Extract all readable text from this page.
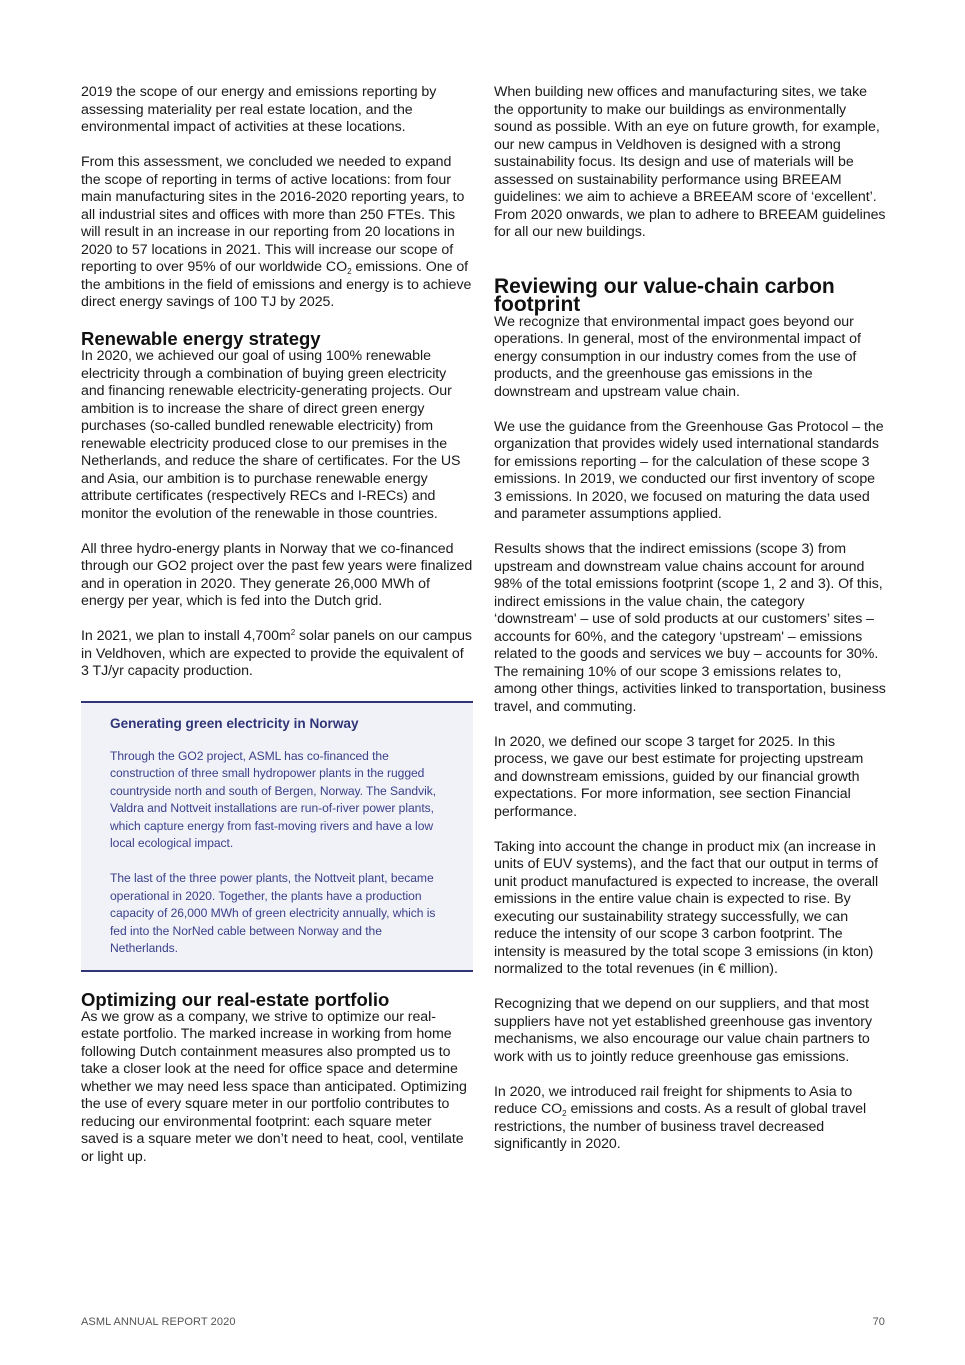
2019 the scope of our energy and emissions reporting by assessing materiality per real estate location, and the environmental impact of activities at these locations.

From this assessment, we concluded we needed to expand the scope of reporting in terms of active locations: from four main manufacturing sites in the 2016-2020 reporting years, to all industrial sites and offices with more than 250 FTEs. This will result in an increase in our reporting from 20 locations in 2020 to 57 locations in 2021. This will increase our scope of reporting to over 95% of our worldwide $CO_2$ emissions. One of the ambitions in the field of emissions and energy is to achieve direct energy savings of 100 TJ by 2025.

Renewable energy strategy

In 2020, we achieved our goal of using 100% renewable electricity through a combination of buying green electricity and financing renewable electricity-generating projects. Our ambition is to increase the share of direct green energy purchases (so-called bundled renewable electricity) from renewable electricity produced close to our premises in the Netherlands, and reduce the share of certificates. For the US and Asia, our ambition is to purchase renewable energy attribute certificates (respectively RECs and I-RECs) and monitor the evolution of the renewable in those countries.

All three hydro-energy plants in Norway that we co-financed through our GO2 project over the past few years were finalized and in operation in 2020. They generate 26,000 MWh of energy per year, which is fed into the Dutch grid.

In 2021, we plan to install $4,700m^2$ solar panels on our campus in Veldhoven, which are expected to provide the equivalent of 3 TJ/yr capacity production.

Generating green electricity in Norway

Through the GO2 project, ASML has co-financed the construction of three small hydropower plants in the rugged countryside north and south of Bergen, Norway. The Sandvik, Valdra and Nottveit installations are run-of-river power plants, which capture energy from fast-moving rivers and have a low local ecological impact.

The last of the three power plants, the Nottveit plant, became operational in 2020. Together, the plants have a production capacity of 26,000 MWh of green electricity annually, which is fed into the NorNed cable between Norway and the Netherlands.

Optimizing our real-estate portfolio

As we grow as a company, we strive to optimize our real-estate portfolio. The marked increase in working from home following Dutch containment measures also prompted us to take a closer look at the need for office space and determine whether we may need less space than anticipated. Optimizing the use of every square meter in our portfolio contributes to reducing our environmental footprint: each square meter saved is a square meter we don’t need to heat, cool, ventilate or light up.

When building new offices and manufacturing sites, we take the opportunity to make our buildings as environmentally sound as possible. With an eye on future growth, for example, our new campus in Veldhoven is designed with a strong sustainability focus. Its design and use of materials will be assessed on sustainability performance using BREEAM guidelines: we aim to achieve a BREEAM score of ‘excellent’. From 2020 onwards, we plan to adhere to BREEAM guidelines for all our new buildings.

Reviewing our value-chain carbon footprint

We recognize that environmental impact goes beyond our operations. In general, most of the environmental impact of energy consumption in our industry comes from the use of products, and the greenhouse gas emissions in the downstream and upstream value chain.

We use the guidance from the Greenhouse Gas Protocol – the organization that provides widely used international standards for emissions reporting – for the calculation of these scope 3 emissions. In 2019, we conducted our first inventory of scope 3 emissions. In 2020, we focused on maturing the data used and parameter assumptions applied.

Results shows that the indirect emissions (scope 3) from upstream and downstream value chains account for around 98% of the total emissions footprint (scope 1, 2 and 3). Of this, indirect emissions in the value chain, the category ‘downstream' – use of sold products at our customers’ sites – accounts for 60%, and the category ‘upstream' – emissions related to the goods and services we buy – accounts for 30%. The remaining 10% of our scope 3 emissions relates to, among other things, activities linked to transportation, business travel, and commuting.

In 2020, we defined our scope 3 target for 2025. In this process, we gave our best estimate for projecting upstream and downstream emissions, guided by our financial growth expectations. For more information, see section Financial performance.

Taking into account the change in product mix (an increase in units of EUV systems), and the fact that our output in terms of unit product manufactured is expected to increase, the overall emissions in the entire value chain is expected to rise. By executing our sustainability strategy successfully, we can reduce the intensity of our scope 3 carbon footprint. The intensity is measured by the total scope 3 emissions (in kton) normalized to the total revenues (in € million).

Recognizing that we depend on our suppliers, and that most suppliers have not yet established greenhouse gas inventory mechanisms, we also encourage our value chain partners to work with us to jointly reduce greenhouse gas emissions.

In 2020, we introduced rail freight for shipments to Asia to reduce $CO_2$ emissions and costs. As a result of global travel restrictions, the number of business travel decreased significantly in 2020.

ASML ANNUAL REPORT 2020	70
